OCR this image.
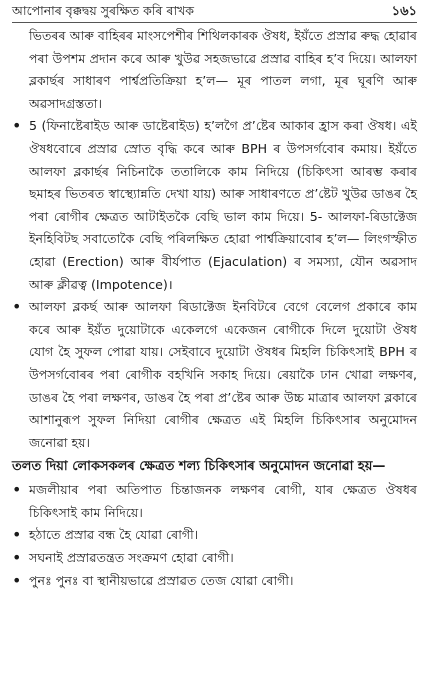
আপোনাৰ বৃক্কদ্বয় সুৰক্ষিত কৰি ৰাখক	১৬১

ভিতৰৰ আৰু বাহিৰৰ মাংসপেশীৰ শিথিলকাৰক ঔষধ, ইয়ঁতে প্ৰস্ৰাৱ ৰুদ্ধ হোৱাৰ পৰা উপশম প্ৰদান কৰে আৰু খুউৱ সহজভাৱে প্ৰস্ৰাৱ বাহিৰ হ’ব দিয়ে। আলফা ব্লকাৰ্ছৰ সাধাৰণ পাৰ্শ্বপ্ৰতিক্ৰিয়া হ’ল— মূৰ পাতল লগা, মূৰ ঘূৰণি আৰু অৱসাদগ্ৰস্ততা।

• 5 (ফিনাষ্টেৰাইড আৰু ডাষ্টেৰাইড) হ’লগৈ প্ৰ’ষ্টেৰ আকাৰ হ্ৰাস কৰা ঔষধ। এই ঔষধবোৰে প্ৰস্ৰাৱ স্ৰোত বৃদ্ধি কৰে আৰু BPH ৰ উপসৰ্গবোৰ কমায়। ইয়ঁতে আলফা ব্লকাৰ্ছৰ নিচিনাকৈ ততালিকে কাম নিদিয়ে (চিকিৎসা আৰম্ভ কৰাৰ ছমাহৰ ভিতৰত স্বাস্থ্যোন্নতি দেখা যায়) আৰু সাধাৰণতে প্ৰ’ষ্টেট খুউৱ ডাঙৰ হৈ পৰা ৰোগীৰ ক্ষেত্ৰত আটাইতকৈ বেছি ভাল কাম দিয়ে। 5- আলফা-ৰিডাক্টেজ ইনহিবিটছ সবাতোকৈ বেছি পৰিলক্ষিত হোৱা পাৰ্শ্বক্ৰিয়াবোৰ হ’ল— লিংগস্ফীত হোৱা (Erection) আৰু বীৰ্যপাত (Ejaculation) ৰ সমস্যা, যৌন অৱসাদ আৰু ক্লীৱত্ব (Impotence)।
• আলফা ব্লকৰ্ছ আৰু আলফা ৰিডাক্টেজ ইনবিটৰে বেগে বেলেগ প্ৰকাৰে কাম কৰে আৰু ইয়ঁত দুয়োটাকে একেলগে একেজন ৰোগীকে দিলে দুয়োটা ঔষধ যোগ হৈ সুফল পোৱা যায়। সেইবাবে দুয়োটা ঔষধৰ মিহলি চিকিৎসাই BPH ৰ উপসৰ্গবোৰৰ পৰা ৰোগীক বহখিনি সকাহ দিয়ে। ৰেয়াকৈ ঢান খোৱা লক্ষণৰ, ডাঙৰ হৈ পৰা লক্ষণৰ, ডাঙৰ হৈ পৰা প্ৰ’ষ্টেৰ আৰু উচ্চ মাত্ৰাৰ আলফা ব্লকাৰে আশানুৰূপ সুফল নিদিয়া ৰোগীৰ ক্ষেত্ৰত এই মিহলি চিকিৎসাৰ অনুমোদন জনোৱা হয়।
তলত দিয়া লোকসকলৰ ক্ষেত্ৰত শল্য চিকিৎসাৰ অনুমোদন জনোৱা হয়—
• মজলীয়াৰ পৰা অতিপাত চিন্তাজনক লক্ষণৰ ৰোগী, যাৰ ক্ষেত্ৰত ঔষধৰ চিকিৎসাই কাম নিদিয়ে।
• হঠাতে প্ৰস্ৰাৱ বন্ধ হৈ যোৱা ৰোগী।
• সঘনাই প্ৰস্ৰাৱতন্ত্ৰত সংক্ৰমণ হোৱা ৰোগী।
• পুনঃ পুনঃ বা স্থানীয়ভাৱে প্ৰস্ৰাৱত তেজ যোৱা ৰোগী।
